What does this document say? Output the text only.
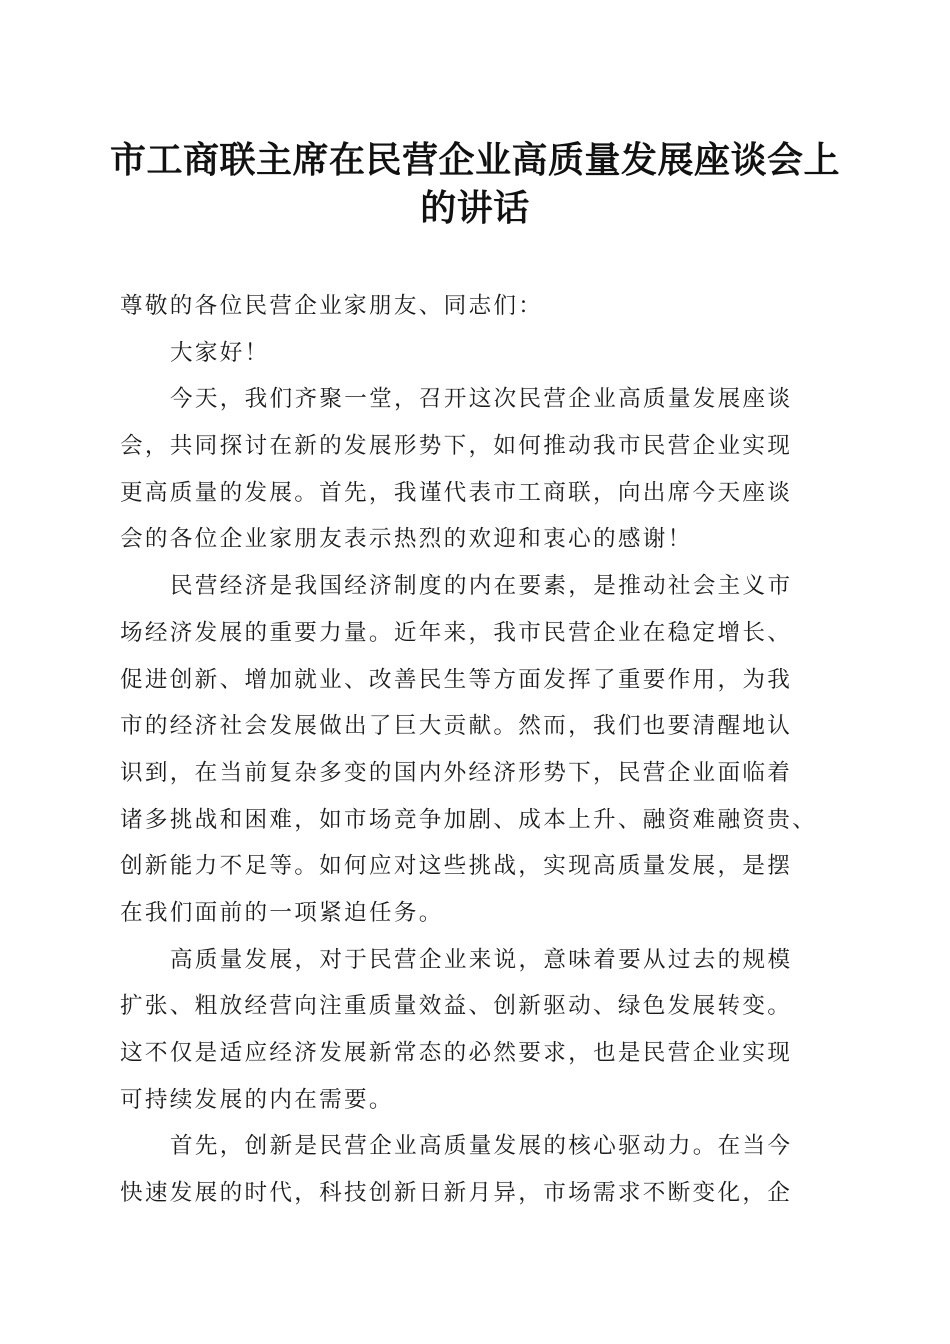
市工商联主席在民营企业高质量发展座谈会上
的讲话
尊敬的各位民营企业家朋友、同志们：
大家好！
今天，我们齐聚一堂，召开这次民营企业高质量发展座谈
会，共同探讨在新的发展形势下，如何推动我市民营企业实现
更高质量的发展。首先，我谨代表市工商联，向出席今天座谈
会的各位企业家朋友表示热烈的欢迎和衷心的感谢！
民营经济是我国经济制度的内在要素，是推动社会主义市
场经济发展的重要力量。近年来，我市民营企业在稳定增长、
促进创新、增加就业、改善民生等方面发挥了重要作用，为我
市的经济社会发展做出了巨大贡献。然而，我们也要清醒地认
识到，在当前复杂多变的国内外经济形势下，民营企业面临着
诸多挑战和困难，如市场竞争加剧、成本上升、融资难融资贵、
创新能力不足等。如何应对这些挑战，实现高质量发展，是摆
在我们面前的一项紧迫任务。
高质量发展，对于民营企业来说，意味着要从过去的规模
扩张、粗放经营向注重质量效益、创新驱动、绿色发展转变。
这不仅是适应经济发展新常态的必然要求，也是民营企业实现
可持续发展的内在需要。
首先，创新是民营企业高质量发展的核心驱动力。在当今
快速发展的时代，科技创新日新月异，市场需求不断变化，企
